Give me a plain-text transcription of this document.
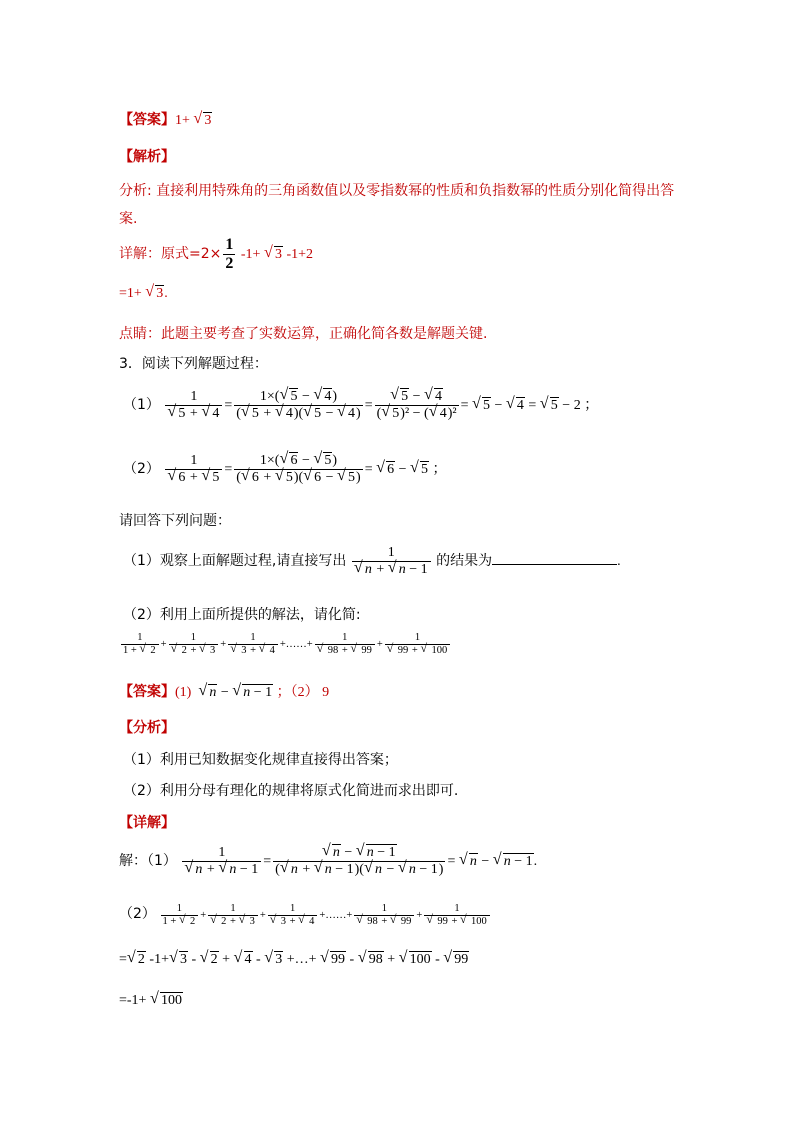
【答案】1+ √ 3
【解析】
分析: 直接利用特殊角的三角函数值以及零指数幂的性质和负指数幂的性质分别化简得出答
案.
详解：原式$=2\times \frac{1}{2} -1+$ √ 3 -1+2
=1+ √ 3.
点睛：此题主要考查了实数运算，正确化简各数是解题关键.
3．阅读下列解题过程：
（1） 1
√ 5 + √ $4 = \frac{1\times( √ 5 - √ 4)}{( √ 5 + √ 4)( √ 5 - √ 4)}$ = √ $\frac{5 - √ 4}{\text{( √ 5)² − ( √ 4)²}}$ = √ 5 − √ 4 = √ 5 − 2 ；
（2） 1
√ 6 + √ $5 = \frac{1\times( √ 6 - √ 5)}{( √ 6 + √ 5)( √ 6 - √ 5)}$ = √ 6 − √ 5 ；
请回答下列问题：
（1）观察上面解题过程,请直接写出 1
√ n + √ n − 1 的结果为	.
（2）利用上面所提供的解法，请化简:
$\frac{1}{1 + √ 2} + 1$
√ 2 + √ 3 + 1
√ 3 + √ 4 +……+ 1
√ 98 + √ 99 + 1
√ 99 + √ 100
【答案】(1)  √ n − √ n − 1 ；（2） 9
【分析】
（1）利用已知数据变化规律直接得出答案；
（2）利用分母有理化的规律将原式化简进而求出即可.
【详解】
解：（1） 1
√ n + √ n − 1 = √ $\frac{n - √ n - 1}{( √ n + √ n - 1)( √ n - √ n - 1)}$ = √ n − √ n − 1.
$(2) \frac{1}{1 + √ 2} + 1$
√ 2 + √ 3 + 1
√ 3 + √ 4 +……+ 1
√ 98 + √ 99 + 1
√ 99 + √ 100
= √ 2 -1+ √ 3 - √ 2 + √ 4 - √ 3 +…+ √ 99 - √ 98 + √ 100 - √ 99
=-1+ √ 100
